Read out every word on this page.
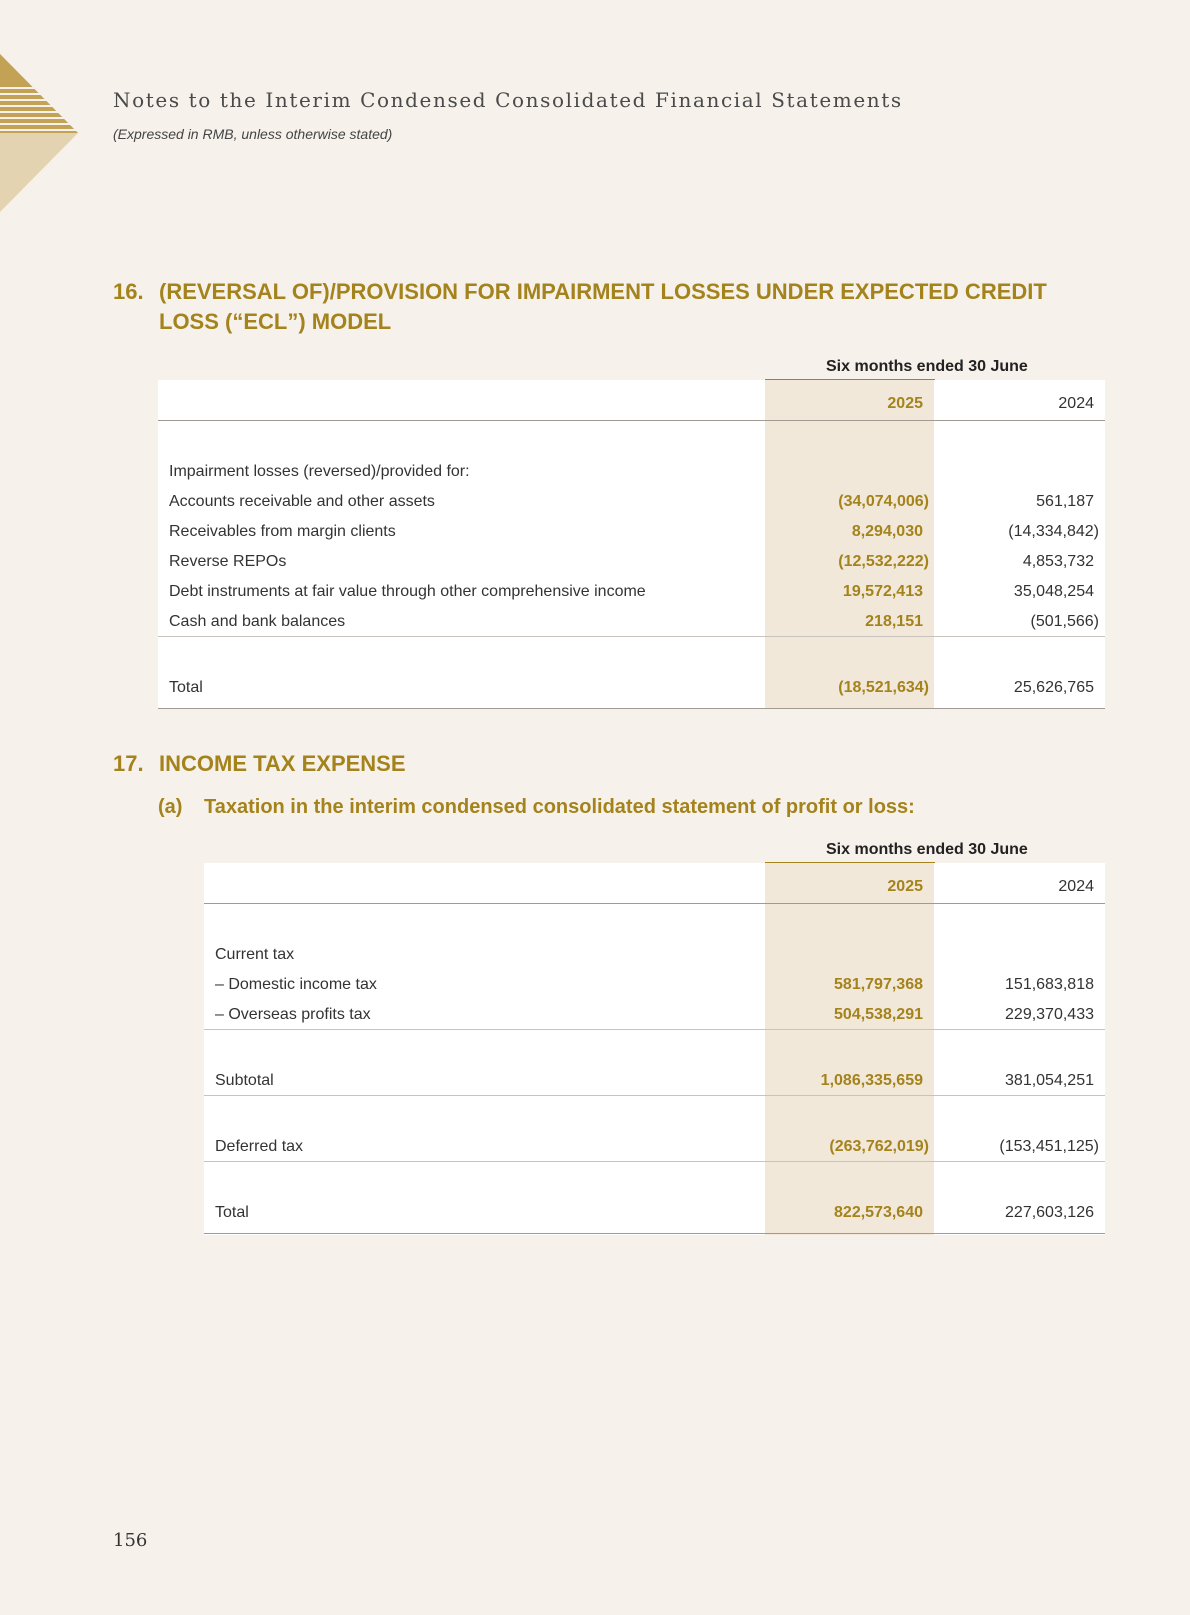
Notes to the Interim Condensed Consolidated Financial Statements
(Expressed in RMB, unless otherwise stated)
16. (REVERSAL OF)/PROVISION FOR IMPAIRMENT LOSSES UNDER EXPECTED CREDIT
LOSS (“ECL”) MODEL
Six months ended 30 June
2025	2024
Impairment losses (reversed)/provided for:
Accounts receivable and other assets	(34,074,006)	561,187
Receivables from margin clients	8,294,030	(14,334,842)
Reverse REPOs	(12,532,222)	4,853,732
Debt instruments at fair value through other comprehensive income	19,572,413	35,048,254
Cash and bank balances	218,151	(501,566)
Total	(18,521,634)	25,626,765
17. INCOME TAX EXPENSE
(a) Taxation in the interim condensed consolidated statement of profit or loss:
Six months ended 30 June
2025	2024
Current tax
– Domestic income tax	581,797,368	151,683,818
– Overseas profits tax	504,538,291	229,370,433
Subtotal	1,086,335,659	381,054,251
Deferred tax	(263,762,019)	(153,451,125)
Total	822,573,640	227,603,126
156
